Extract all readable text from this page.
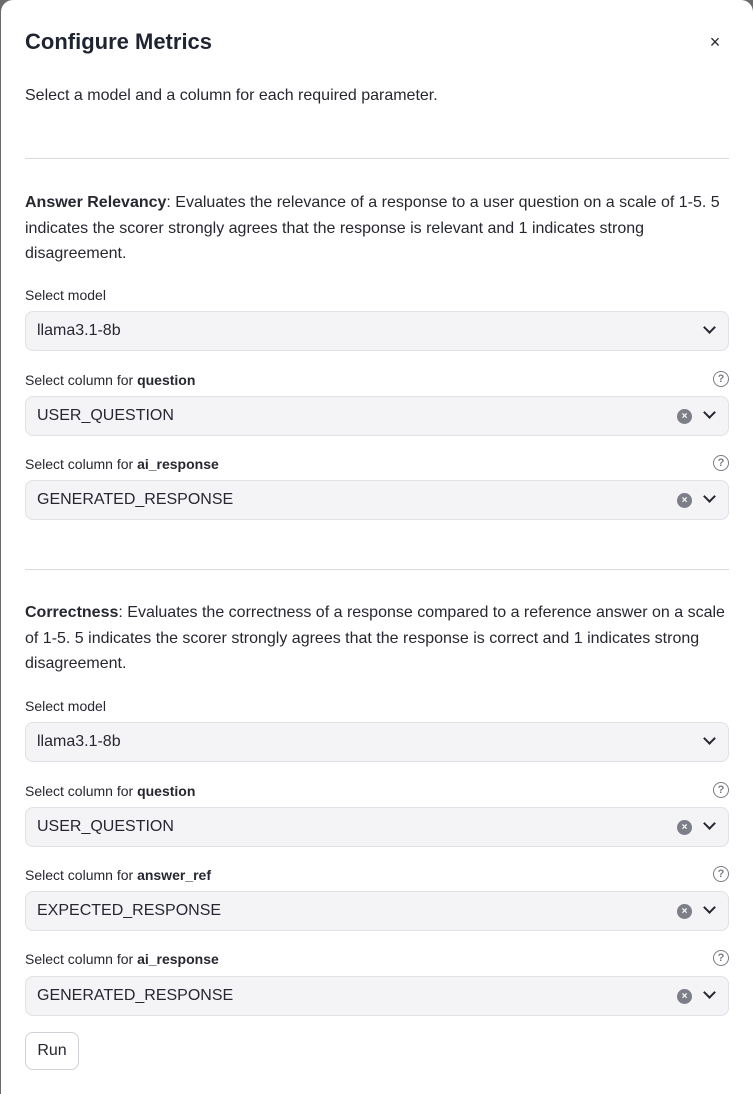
Configure Metrics	×
Select a model and a column for each required parameter.
Answer Relevancy: Evaluates the relevance of a response to a user question on a scale of 1-5. 5 indicates the scorer strongly agrees that the response is relevant and 1 indicates strong disagreement.
Select model
llama3.1-8b
Select column for question	?
USER_QUESTION	×
Select column for ai_response	?
GENERATED_RESPONSE	×
Correctness: Evaluates the correctness of a response compared to a reference answer on a scale of 1-5. 5 indicates the scorer strongly agrees that the response is correct and 1 indicates strong disagreement.
Select model
llama3.1-8b
Select column for question	?
USER_QUESTION	×
Select column for answer_ref	?
EXPECTED_RESPONSE	×
Select column for ai_response	?
GENERATED_RESPONSE	×
Run
